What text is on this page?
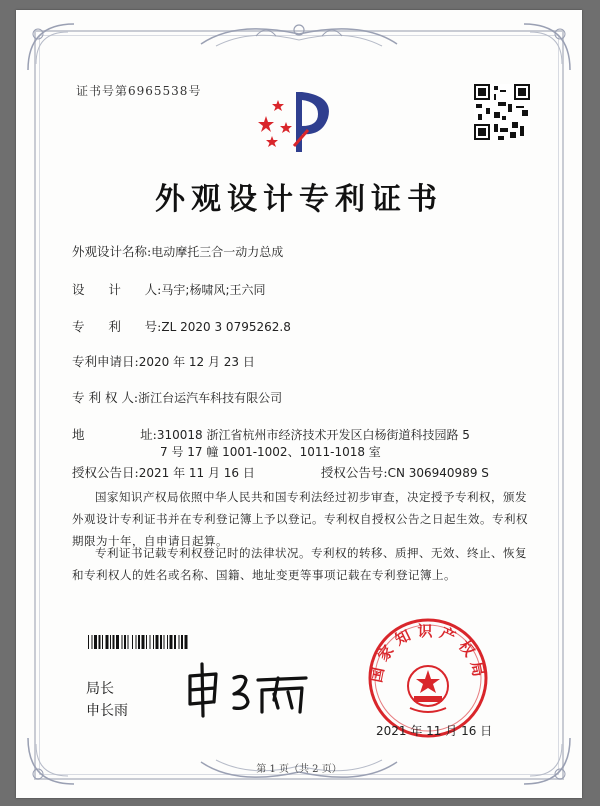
证书号第6965538号
外观设计专利证书
外观设计名称:电动摩托三合一动力总成
设      计      人:马宇;杨啸风;王六同
专      利      号:ZL 2020 3 0795262.8
专利申请日:2020 年 12 月 23 日
专 利 权 人:浙江台运汽车科技有限公司
地              址:310018 浙江省杭州市经济技术开发区白杨街道科技园路 5
7 号 17 幢 1001-1002、1011-1018 室
授权公告日:2021 年 11 月 16 日	授权公告号:CN 306940989 S
国家知识产权局依照中华人民共和国专利法经过初步审查，决定授予专利权，颁发外观设计专利证书并在专利登记簿上予以登记。专利权自授权公告之日起生效。专利权期限为十年，自申请日起算。
专利证书记载专利权登记时的法律状况。专利权的转移、质押、无效、终止、恢复和专利权人的姓名或名称、国籍、地址变更等事项记载在专利登记簿上。
局长
申长雨
国家知识产权局
2021 年 11 月 16 日
第 1 页（共 2 页）
